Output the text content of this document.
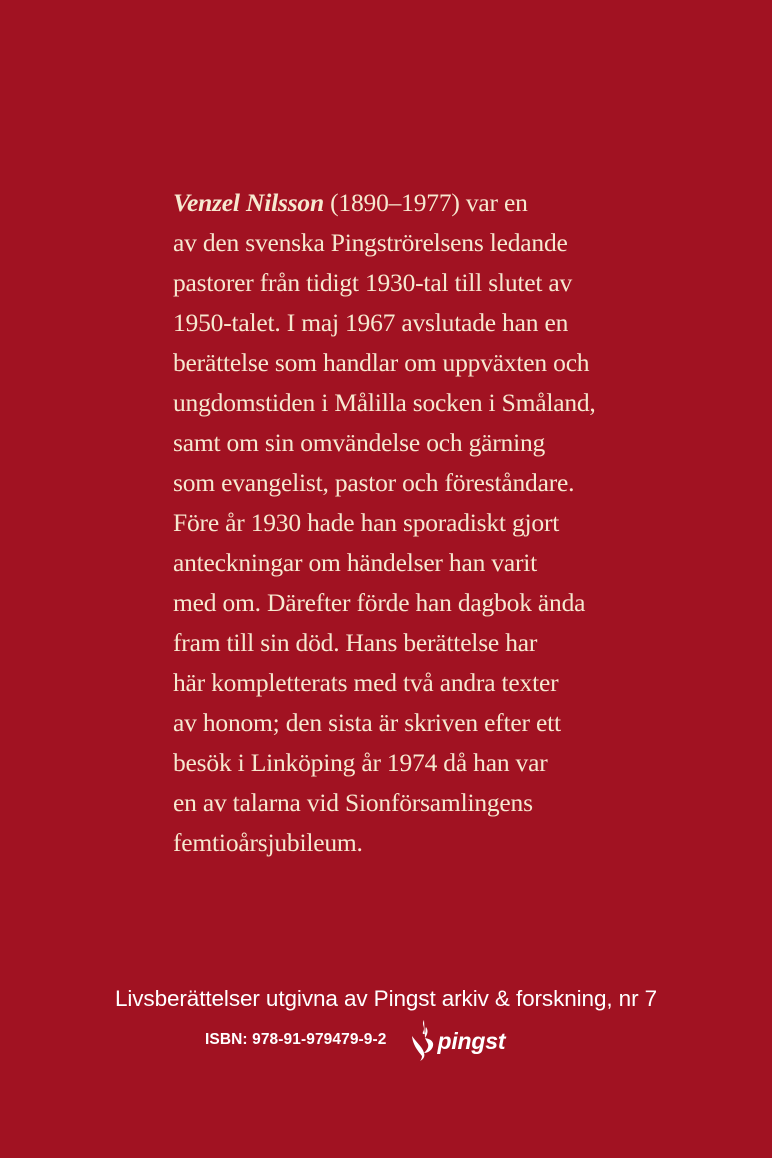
Venzel Nilsson (1890–1977) var en
av den svenska Pingströrelsens ledande
pastorer från tidigt 1930-tal till slutet av
1950-talet. I maj 1967 avslutade han en
berättelse som handlar om uppväxten och
ungdomstiden i Målilla socken i Småland,
samt om sin omvändelse och gärning
som evangelist, pastor och föreståndare.
Före år 1930 hade han sporadiskt gjort
anteckningar om händelser han varit
med om. Därefter förde han dagbok ända
fram till sin död. Hans berättelse har
här kompletterats med två andra texter
av honom; den sista är skriven efter ett
besök i Linköping år 1974 då han var
en av talarna vid Sionförsamlingens
femtioårsjubileum.
Livsberättelser utgivna av Pingst arkiv & forskning, nr 7
ISBN: 978-91-979479-9-2 pingst
